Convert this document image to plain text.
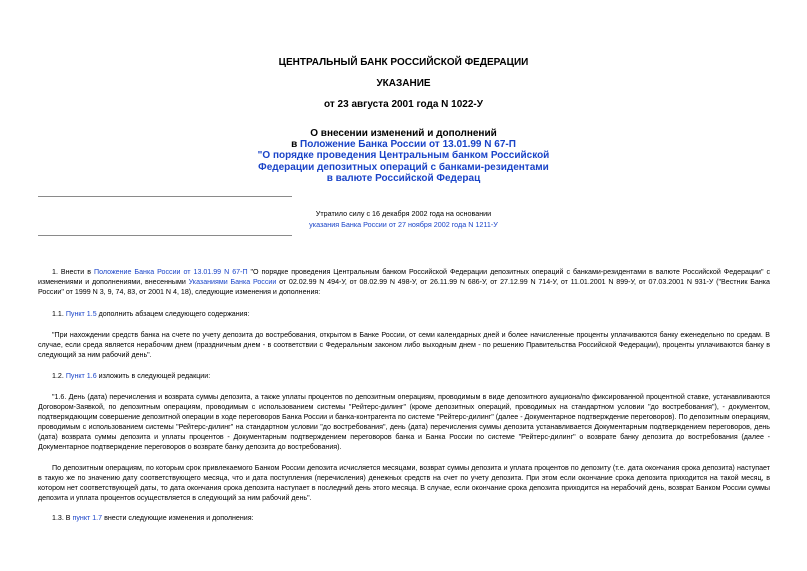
ЦЕНТРАЛЬНЫЙ БАНК РОССИЙСКОЙ ФЕДЕРАЦИИ
УКАЗАНИЕ
от 23 августа 2001 года N 1022-У
О внесении изменений и дополнений
в Положение Банка России от 13.01.99 N 67-П
"О порядке проведения Центральным банком Российской
Федерации депозитных операций с банками-резидентами
в валюте Российской Федерац
Утратило силу с 16 декабря 2002 года на основании
указания Банка России от 27 ноября 2002 года N 1211-У
1. Внести в Положение Банка России от 13.01.99 N 67-П "О порядке проведения Центральным банком Российской Федерации депозитных операций с банками-резидентами в валюте Российской Федерации" с изменениями и дополнениями, внесенными Указаниями Банка России от 02.02.99 N 494-У, от 08.02.99 N 498-У, от 26.11.99 N 686-У, от 27.12.99 N 714-У, от 11.01.2001 N 899-У, от 07.03.2001 N 931-У ("Вестник Банка России" от 1999 N 3, 9, 74, 83, от 2001 N 4, 18), следующие изменения и дополнения:
1.1. Пункт 1.5 дополнить абзацем следующего содержания:
"При нахождении средств банка на счете по учету депозита до востребования, открытом в Банке России, от семи календарных дней и более начисленные проценты уплачиваются банку еженедельно по средам. В случае, если среда является нерабочим днем (праздничным днем - в соответствии с Федеральным законом либо выходным днем - по решению Правительства Российской Федерации), проценты уплачиваются банку в следующий за ним рабочий день".
1.2. Пункт 1.6 изложить в следующей редакции:
"1.6. День (дата) перечисления и возврата суммы депозита, а также уплаты процентов по депозитным операциям, проводимым в виде депозитного аукциона/по фиксированной процентной ставке, устанавливаются Договором-Заявкой, по депозитным операциям, проводимым с использованием системы "Рейтерс-дилинг" (кроме депозитных операций, проводимых на стандартном условии "до востребования"), - документом, подтверждающим совершение депозитной операции в ходе переговоров Банка России и банка-контрагента по системе "Рейтерс-дилинг" (далее - Документарное подтверждение переговоров). По депозитным операциям, проводимым с использованием системы "Рейтерс-дилинг" на стандартном условии "до востребования", день (дата) перечисления суммы депозита устанавливается Документарным подтверждением переговоров, день (дата) возврата суммы депозита и уплаты процентов - Документарным подтверждением переговоров банка и Банка России по системе "Рейтерс-дилинг" о возврате банку депозита до востребования (далее - Документарное подтверждение переговоров о возврате банку депозита до востребования).
По депозитным операциям, по которым срок привлекаемого Банком России депозита исчисляется месяцами, возврат суммы депозита и уплата процентов по депозиту (т.е. дата окончания срока депозита) наступает в такую же по значению дату соответствующего месяца, что и дата поступления (перечисления) денежных средств на счет по учету депозита. При этом если окончание срока депозита приходится на такой месяц, в котором нет соответствующей даты, то дата окончания срока депозита наступает в последний день этого месяца. В случае, если окончание срока депозита приходится на нерабочий день, возврат Банком России суммы депозита и уплата процентов осуществляется в следующий за ним рабочий день".
1.3. В пункт 1.7 внести следующие изменения и дополнения:
